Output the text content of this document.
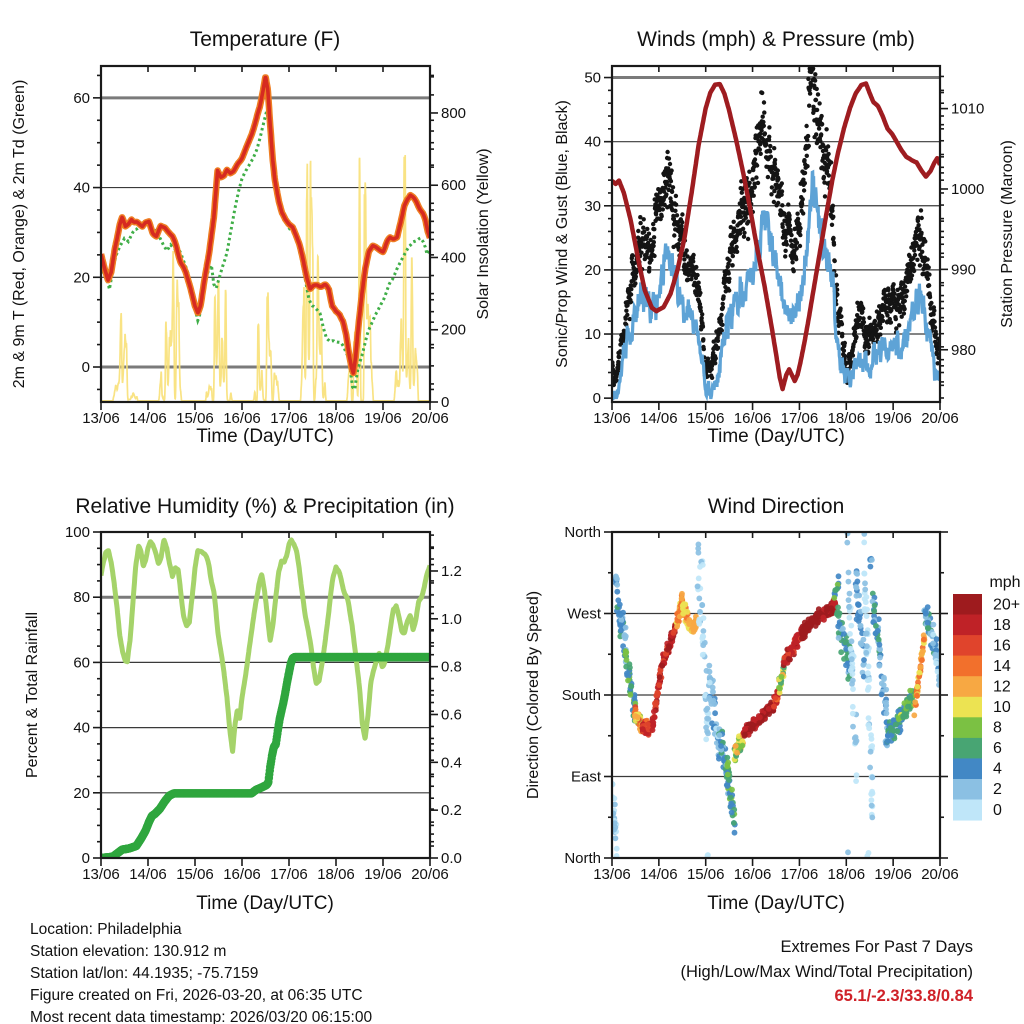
13/06 14/06 15/06 16/06 17/06 18/06 19/06 20/06
0
20
40
60
0
200
400
600
800
13/06 14/06 15/06 16/06 17/06 18/06 19/06 20/06
0
10
20
30
40
50
980
990
1000
1010
13/06 14/06 15/06 16/06 17/06 18/06 19/06 20/06
0
20
40
60
80
100
0.0
0.2
0.4
0.6
0.8
1.0
1.2
13/06 14/06 15/06 16/06 17/06 18/06 19/06 20/06
North
West
South
East
North
20+
18
16
14
12
10
8
6
4
2
0
Temperature (F)	Winds (mph) & Pressure (mb)
Relative Humidity (%) & Precipitation (in)	Wind Direction
Time (Day/UTC)	Time (Day/UTC)
Time (Day/UTC)	Time (Day/UTC)
2m & 9m T (Red, Orange) & 2m Td (Green)	Solar Insolation (Yellow)	Sonic/Prop Wind & Gust (Blue, Black)	Station Pressure (Maroon)
Percent & Total Rainfall	Direction (Colored By Speed)
mph
Location: Philadelphia
Station elevation: 130.912 m
Station lat/lon: 44.1935; -75.7159
Figure created on Fri, 2026-03-20, at 06:35 UTC
Most recent data timestamp: 2026/03/20 06:15:00
Extremes For Past 7 Days
(High/Low/Max Wind/Total Precipitation)
65.1/-2.3/33.8/0.84
